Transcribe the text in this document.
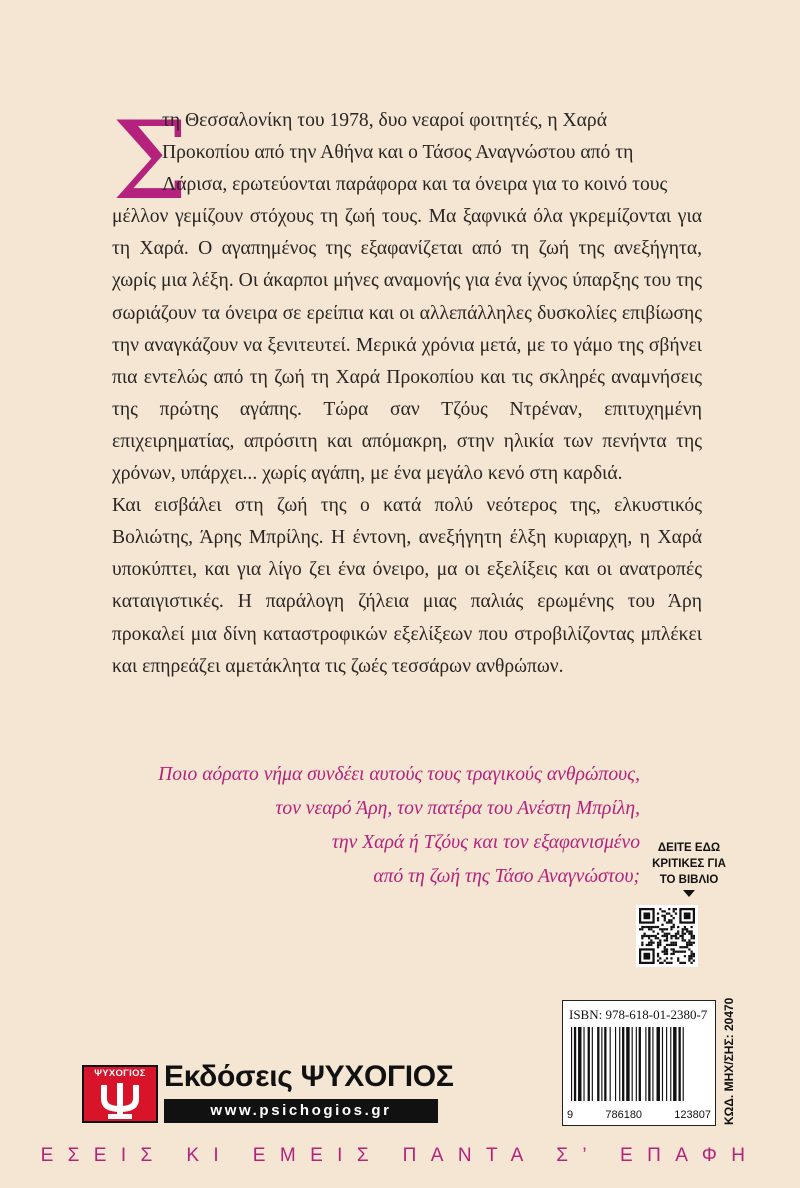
Σ

τη Θεσσαλονίκη του 1978, δυο νεαροί φοιτητές, η Χαρά
Προκοπίου από την Αθήνα και ο Τάσος Αναγνώστου από τη
Λάρισα, ερωτεύονται παράφορα και τα όνειρα για το κοινό τους

μέλλον γεμίζουν στόχους τη ζωή τους. Μα ξαφνικά όλα γκρεμίζονται για τη Χαρά. Ο αγαπημένος της εξαφανίζεται από τη ζωή της ανεξήγητα, χωρίς μια λέξη. Οι άκαρποι μήνες αναμονής για ένα ίχνος ύπαρξης του της σωριάζουν τα όνειρα σε ερείπια και οι αλλεπάλληλες δυσκολίες επιβίωσης την αναγκάζουν να ξενιτευτεί. Μερικά χρόνια μετά, με το γάμο της σβήνει πια εντελώς από τη ζωή τη Χαρά Προκοπίου και τις σκληρές αναμνήσεις της πρώτης αγάπης. Τώρα σαν Τζόυς Ντρέναν, επιτυχημένη επιχειρηματίας, απρόσιτη και απόμακρη, στην ηλικία των πενήντα της χρόνων, υπάρχει... χωρίς αγάπη, με ένα μεγάλο κενό στη καρδιά.

Και εισβάλει στη ζωή της ο κατά πολύ νεότερος της, ελκυστικός Βολιώτης, Άρης Μπρίλης. Η έντονη, ανεξήγητη έλξη κυριαρχη, η Χαρά υποκύπτει, και για λίγο ζει ένα όνειρο, μα οι εξελίξεις και οι ανατροπές καταιγιστικές. Η παράλογη ζήλεια μιας παλιάς ερωμένης του Άρη προκαλεί μια δίνη καταστροφικών εξελίξεων που στροβιλίζοντας μπλέκει και επηρεάζει αμετάκλητα τις ζωές τεσσάρων ανθρώπων.

Ποιο αόρατο νήμα συνδέει αυτούς τους τραγικούς ανθρώπους,
τον νεαρό Άρη, τον πατέρα του Ανέστη Μπρίλη,
την Χαρά ή Τζόυς και τον εξαφανισμένο
από τη ζωή της Τάσο Αναγνώστου;
ΔΕΙΤΕ ΕΔΩ
ΚΡΙΤΙΚΕΣ ΓΙΑ
ΤΟ ΒΙΒΛΙΟ
ISBN: 978-618-01-2380-7
9	786180	123807 ΚΩΔ. ΜΗΧ/ΣΗΣ: 20470
ΨΥΧΟΓΙΟΣ Εκδόσεις ΨΥΧΟΓΙΟΣ
www.psichogios.gr
ΕΣΕΙΣ ΚΙ ΕΜΕΙΣ ΠΑΝΤΑ Σ’ ΕΠΑΦΗ
